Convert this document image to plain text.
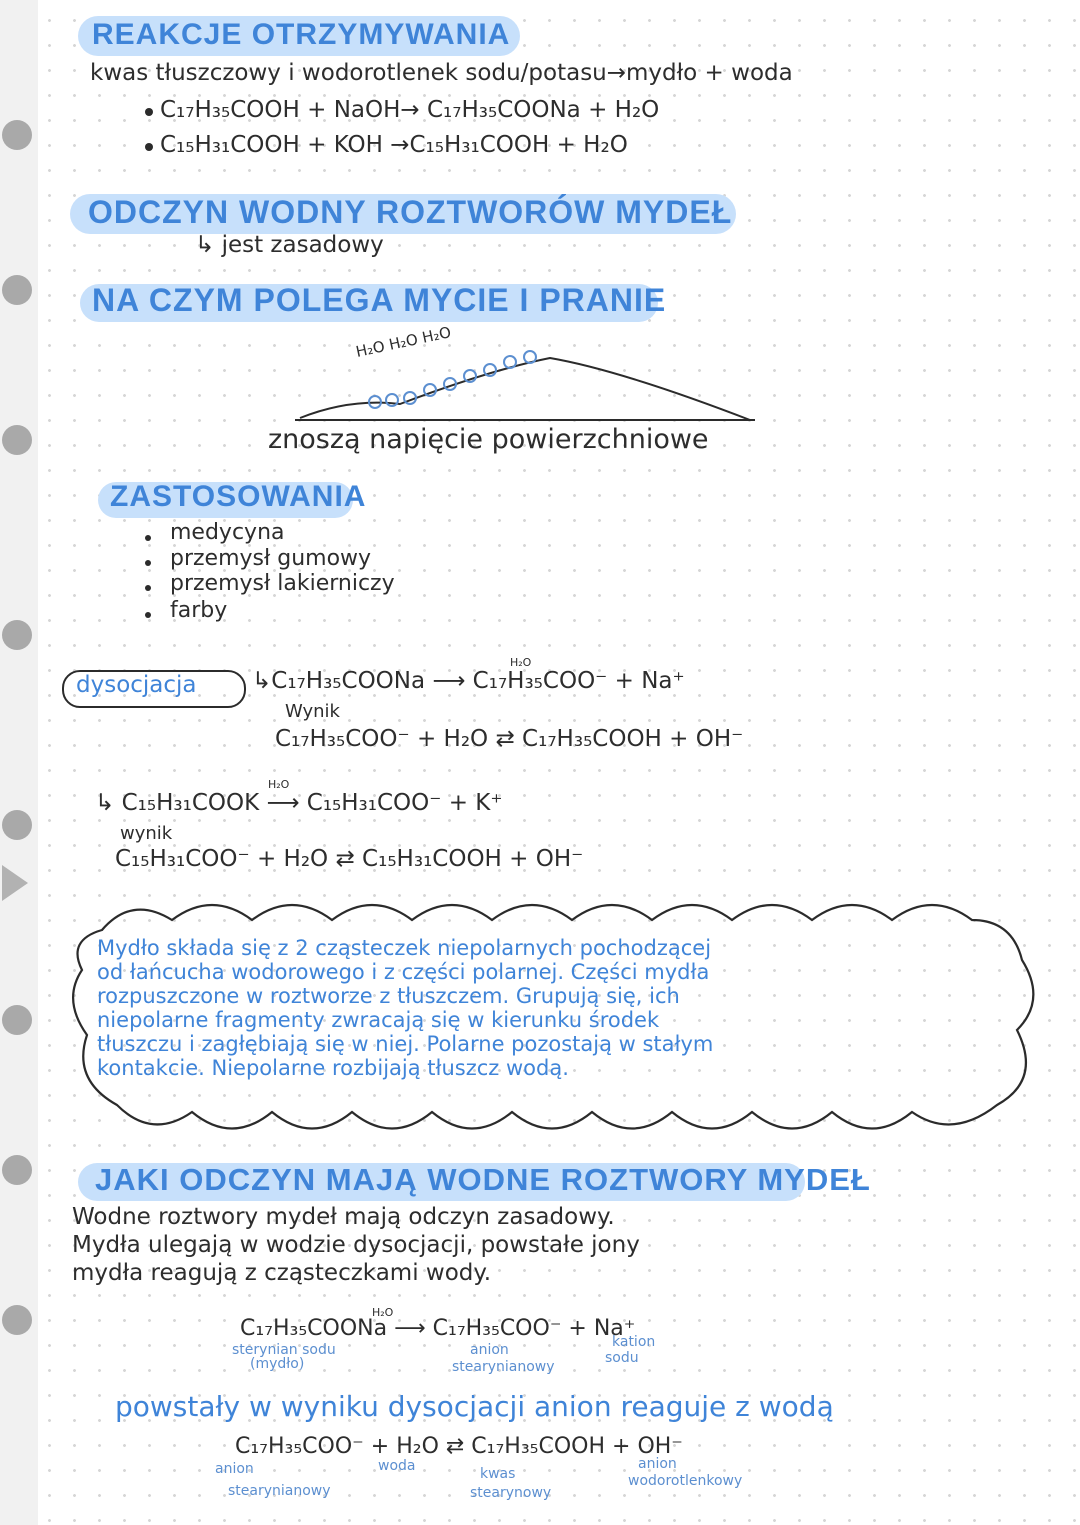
REAKCJE OTRZYMYWANIA
kwas tłuszczowy i wodorotlenek sodu/potasu→mydło + woda
C₁₇H₃₅COOH + NaOH→ C₁₇H₃₅COONa + H₂O
C₁₅H₃₁COOH + KOH →C₁₅H₃₁COOH + H₂O
ODCZYN WODNY ROZTWORÓW MYDEŁ
↳ jest zasadowy
NA CZYM POLEGA MYCIE I PRANIE
H₂O H₂O H₂O
znoszą napięcie powierzchniowe
ZASTOSOWANIA
medycyna
przemysł gumowy
przemysł lakierniczy
farby
dysocjacja
H₂O
↳C₁₇H₃₅COONa ⟶ C₁₇H₃₅COO⁻ + Na⁺
Wynik
C₁₇H₃₅COO⁻ + H₂O ⇄ C₁₇H₃₅COOH + OH⁻
H₂O
↳ C₁₅H₃₁COOK ⟶ C₁₅H₃₁COO⁻ + K⁺
wynik
C₁₅H₃₁COO⁻ + H₂O ⇄ C₁₅H₃₁COOH + OH⁻
Mydło składa się z 2 cząsteczek niepolarnych pochodzącej
od łańcucha wodorowego i z części polarnej. Części mydła
rozpuszczone w roztworze z tłuszczem. Grupują się, ich
niepolarne fragmenty zwracają się w kierunku środek
tłuszczu i zagłębiają się w niej. Polarne pozostają w stałym
kontakcie. Niepolarne rozbijają tłuszcz wodą.
JAKI ODCZYN MAJĄ WODNE ROZTWORY MYDEŁ
Wodne roztwory mydeł mają odczyn zasadowy.
Mydła ulegają w wodzie dysocjacji, powstałe jony
mydła reagują z cząsteczkami wody.
H₂O
C₁₇H₃₅COONa ⟶ C₁₇H₃₅COO⁻ + Na⁺
sterynian sodu
(mydło)
anion
stearynianowy
kation
sodu
powstały w wyniku dysocjacji anion reaguje z wodą
C₁₇H₃₅COO⁻ + H₂O ⇄ C₁₇H₃₅COOH + OH⁻
anion
stearynianowy
woda	kwas
stearynowy
anion
wodorotlenkowy
